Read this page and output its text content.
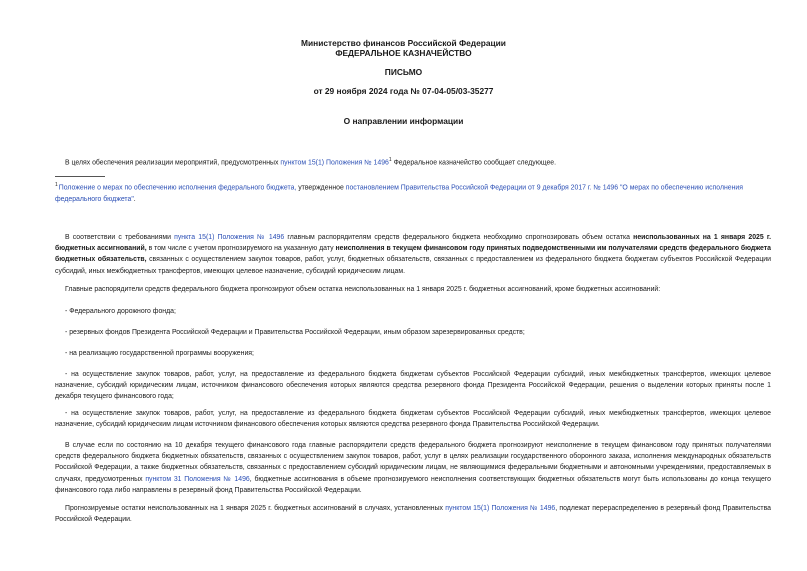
Министерство финансов Российской Федерации
ФЕДЕРАЛЬНОЕ КАЗНАЧЕЙСТВО
ПИСЬМО
от 29 ноября 2024 года № 07-04-05/03-35277
О направлении информации
В целях обеспечения реализации мероприятий, предусмотренных пунктом 15(1) Положения № 1496$^1$ Федеральное казначейство сообщает следующее.
$^1$Положение о мерах по обеспечению исполнения федерального бюджета, утвержденное постановлением Правительства Российской Федерации от 9 декабря 2017 г. № 1496 "О мерах по обеспечению исполнения федерального бюджета".
В соответствии с требованиями пункта 15(1) Положения № 1496 главным распорядителям средств федерального бюджета необходимо спрогнозировать объем остатка неиспользованных на 1 января 2025 г. бюджетных ассигнований, в том числе с учетом прогнозируемого на указанную дату неисполнения в текущем финансовом году принятых подведомственными им получателями средств федерального бюджета бюджетных обязательств, связанных с осуществлением закупок товаров, работ, услуг, бюджетных обязательств, связанных с предоставлением из федерального бюджета бюджетам субъектов Российской Федерации субсидий, иных межбюджетных трансфертов, имеющих целевое назначение, субсидий юридическим лицам.
Главные распорядители средств федерального бюджета прогнозируют объем остатка неиспользованных на 1 января 2025 г. бюджетных ассигнований, кроме бюджетных ассигнований:
- Федерального дорожного фонда;
- резервных фондов Президента Российской Федерации и Правительства Российской Федерации, иным образом зарезервированных средств;
- на реализацию государственной программы вооружения;
- на осуществление закупок товаров, работ, услуг, на предоставление из федерального бюджета бюджетам субъектов Российской Федерации субсидий, иных межбюджетных трансфертов, имеющих целевое назначение, субсидий юридическим лицам, источником финансового обеспечения которых являются средства резервного фонда Президента Российской Федерации, решения о выделении которых приняты после 1 декабря текущего финансового года;
- на осуществление закупок товаров, работ, услуг, на предоставление из федерального бюджета бюджетам субъектов Российской Федерации субсидий, иных межбюджетных трансфертов, имеющих целевое назначение, субсидий юридическим лицам источником финансового обеспечения которых являются средства резервного фонда Правительства Российской Федерации.
В случае если по состоянию на 10 декабря текущего финансового года главные распорядители средств федерального бюджета прогнозируют неисполнение в текущем финансовом году принятых получателями средств федерального бюджета бюджетных обязательств, связанных с осуществлением закупок товаров, работ, услуг в целях реализации государственного оборонного заказа, исполнения международных обязательств Российской Федерации, а также бюджетных обязательств, связанных с предоставлением субсидий юридическим лицам, не являющимися федеральными бюджетными и автономными учреждениями, предоставляемых в случаях, предусмотренных пунктом 31 Положения № 1496, бюджетные ассигнования в объеме прогнозируемого неисполнения соответствующих бюджетных обязательств могут быть использованы до конца текущего финансового года либо направлены в резервный фонд Правительства Российской Федерации.
Прогнозируемые остатки неиспользованных на 1 января 2025 г. бюджетных ассигнований в случаях, установленных пунктом 15(1) Положения № 1496, подлежат перераспределению в резервный фонд Правительства Российской Федерации.
